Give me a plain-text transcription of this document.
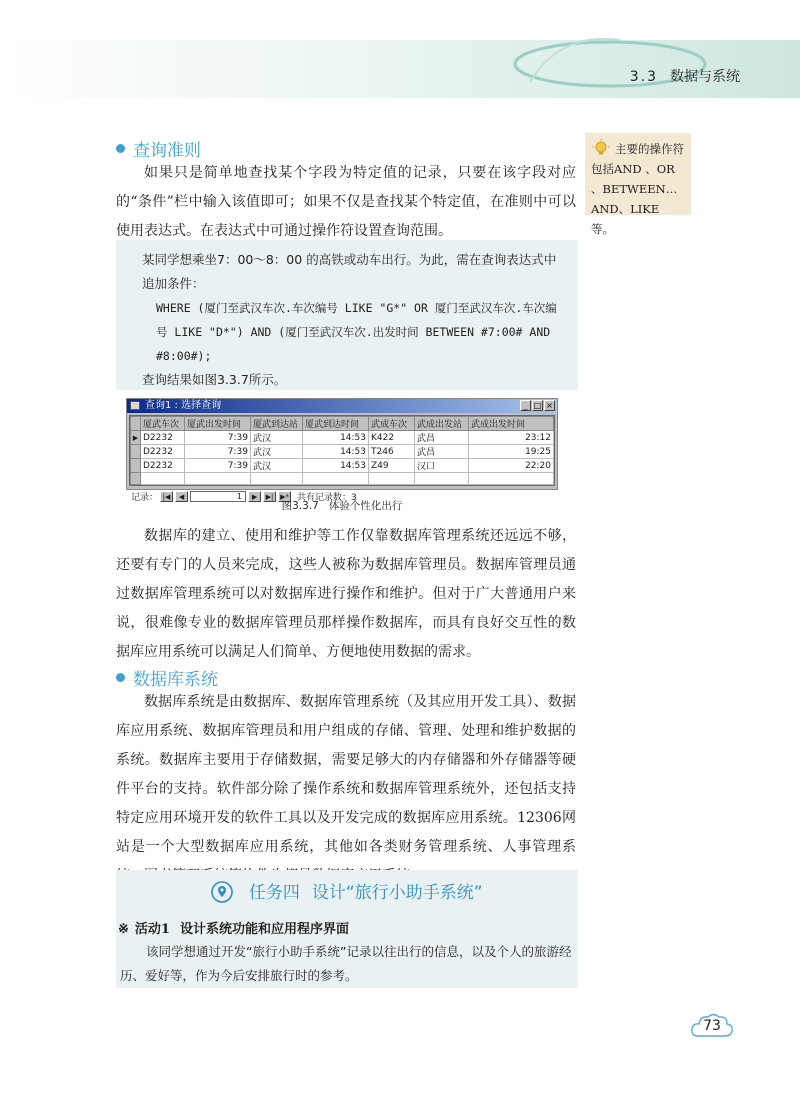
3.3 数据与系统
查询准则

如果只是简单地查找某个字段为特定值的记录，只要在该字段对应的“条件”栏中输入该值即可；如果不仅是查找某个特定值，在准则中可以使用表达式。在表达式中可通过操作符设置查询范围。

主要的操作符
包括AND 、OR 、BETWEEN…AND、LIKE 等。

某同学想乘坐7：00～8：00 的高铁或动车出行。为此，需在查询表达式中追加条件：

WHERE (厦门至武汉车次.车次编号 LIKE "G*" OR 厦门至武汉车次.车次编号 LIKE "D*") AND (厦门至武汉车次.出发时间 BETWEEN #7:00# AND #8:00#);

查询结果如图3.3.7所示。

查询1 : 选择查询	_ □ ×
	厦武车次	厦武出发时间	厦武到达站	厦武到达时间	武成车次	武成出发站	武成出发时间
▶	D2232	7:39	武汉	14:53	K422	武昌	23:12
	D2232	7:39	武汉	14:53	T246	武昌	19:25
	D2232	7:39	武汉	14:53	Z49	汉口	22:20

记录： |◀	◀	1	▶	▶| ▶* 共有记录数：3
图3.3.7 体验个性化出行

数据库的建立、使用和维护等工作仅靠数据库管理系统还远远不够，还要有专门的人员来完成，这些人被称为数据库管理员。数据库管理员通过数据库管理系统可以对数据库进行操作和维护。但对于广大普通用户来说，很难像专业的数据库管理员那样操作数据库，而具有良好交互性的数据库应用系统可以满足人们简单、方便地使用数据的需求。

数据库系统

数据库系统是由数据库、数据库管理系统（及其应用开发工具）、数据库应用系统、数据库管理员和用户组成的存储、管理、处理和维护数据的系统。数据库主要用于存储数据，需要足够大的内存储器和外存储器等硬件平台的支持。软件部分除了操作系统和数据库管理系统外，还包括支持特定应用环境开发的软件工具以及开发完成的数据库应用系统。12306网站是一个大型数据库应用系统，其他如各类财务管理系统、人事管理系

任务四 设计“旅行小助手系统”
※ 活动1 设计系统功能和应用程序界面

该同学想通过开发“旅行小助手系统”记录以往出行的信息，以及个人的旅游经历、爱好等，作为今后安排旅行时的参考。

73
